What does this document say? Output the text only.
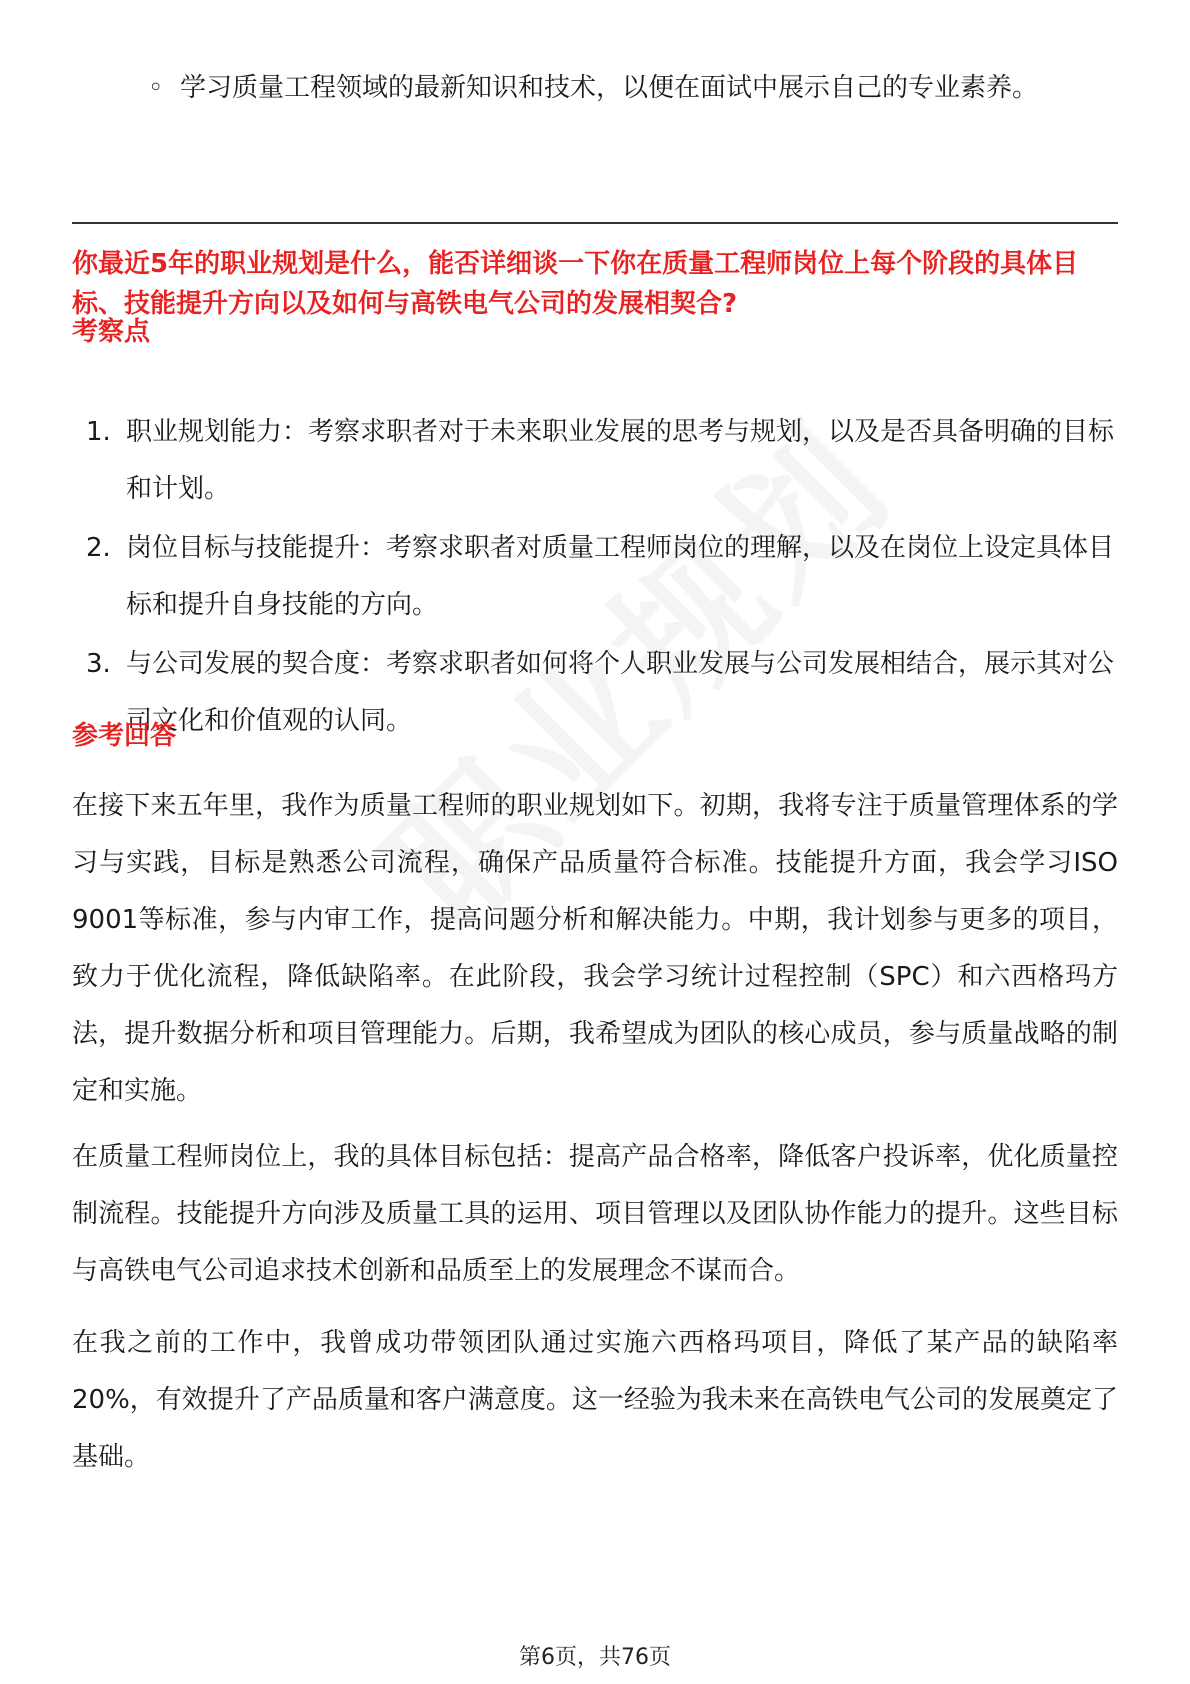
◦ 学习质量工程领域的最新知识和技术，以便在面试中展示自己的专业素养。
你最近5年的职业规划是什么，能否详细谈一下你在质量工程师岗位上每个阶段的具体目标、技能提升方向以及如何与高铁电气公司的发展相契合?
考察点
1. 职业规划能力：考察求职者对于未来职业发展的思考与规划，以及是否具备明确的目标和计划。
2. 岗位目标与技能提升：考察求职者对质量工程师岗位的理解，以及在岗位上设定具体目标和提升自身技能的方向。
3. 与公司发展的契合度：考察求职者如何将个人职业发展与公司发展相结合，展示其对公司文化和价值观的认同。
参考回答
在接下来五年里，我作为质量工程师的职业规划如下。初期，我将专注于质量管理体系的学习与实践，目标是熟悉公司流程，确保产品质量符合标准。技能提升方面，我会学习ISO 9001等标准，参与内审工作，提高问题分析和解决能力。中期，我计划参与更多的项目，致力于优化流程，降低缺陷率。在此阶段，我会学习统计过程控制（SPC）和六西格玛方法，提升数据分析和项目管理能力。后期，我希望成为团队的核心成员，参与质量战略的制定和实施。
在质量工程师岗位上，我的具体目标包括：提高产品合格率，降低客户投诉率，优化质量控制流程。技能提升方向涉及质量工具的运用、项目管理以及团队协作能力的提升。这些目标与高铁电气公司追求技术创新和品质至上的发展理念不谋而合。
在我之前的工作中，我曾成功带领团队通过实施六西格玛项目，降低了某产品的缺陷率20%，有效提升了产品质量和客户满意度。这一经验为我未来在高铁电气公司的发展奠定了基础。
第6页，共76页
